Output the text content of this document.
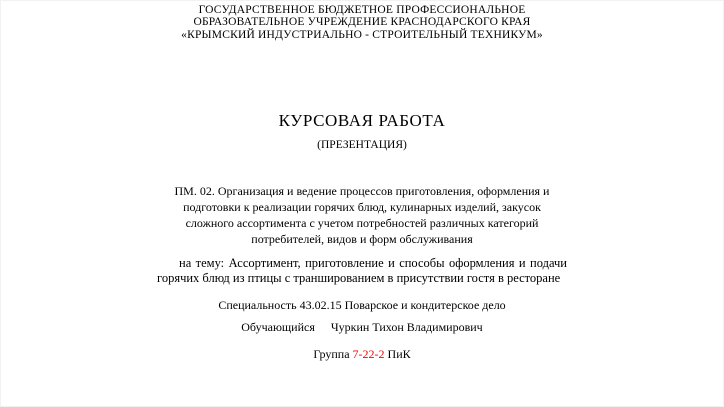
ГОСУДАРСТВЕННОЕ БЮДЖЕТНОЕ ПРОФЕССИОНАЛЬНОЕ
ОБРАЗОВАТЕЛЬНОЕ УЧРЕЖДЕНИЕ КРАСНОДАРСКОГО КРАЯ
«КРЫМСКИЙ ИНДУСТРИАЛЬНО - СТРОИТЕЛЬНЫЙ ТЕХНИКУМ»
КУРСОВАЯ РАБОТА
(ПРЕЗЕНТАЦИЯ)
ПМ. 02. Организация и ведение процессов приготовления, оформления и подготовки к реализации горячих блюд, кулинарных изделий, закусок сложного ассортимента с учетом потребностей различных категорий потребителей, видов и форм обслуживания
на тему: Ассортимент, приготовление и способы оформления и подачи горячих блюд из птицы с траншированием в присутствии гостя в ресторане
Специальность 43.02.15 Поварское и кондитерское дело
Обучающийся Чуркин Тихон Владимирович
Группа 7-22-2 ПиК
